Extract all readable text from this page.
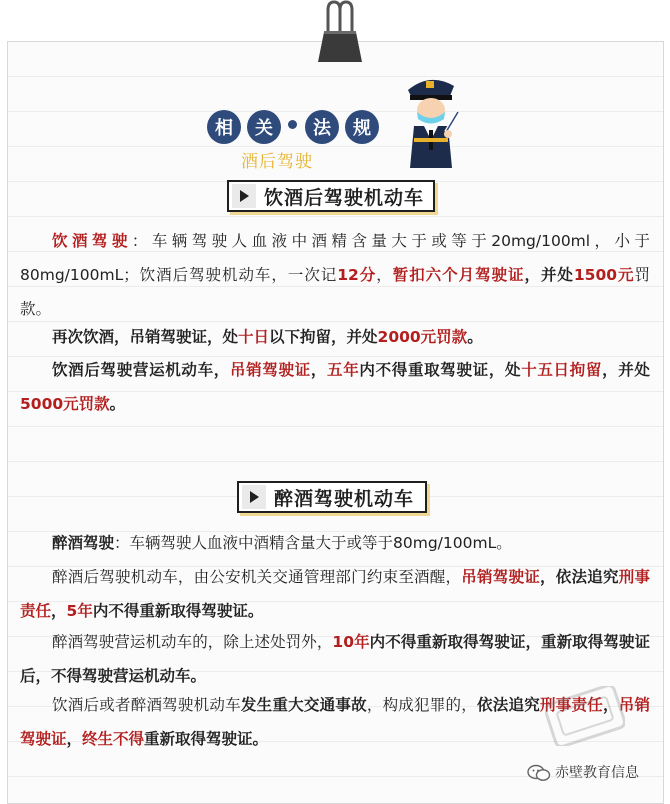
相	关	法	规
酒后驾驶
饮酒后驾驶机动车

饮酒驾驶：车辆驾驶人血液中酒精含量大于或等于20mg/100ml，小于80mg/100mL；饮酒后驾驶机动车，一次记12分，暂扣六个月驾驶证，并处1500元罚款。

再次饮酒，吊销驾驶证，处十日以下拘留，并处2000元罚款。

饮酒后驾驶营运机动车，吊销驾驶证，五年内不得重取驾驶证，处十五日拘留，并处5000元罚款。

醉酒驾驶机动车

醉酒驾驶：车辆驾驶人血液中酒精含量大于或等于80mg/100mL。

醉酒后驾驶机动车，由公安机关交通管理部门约束至酒醒，吊销驾驶证，依法追究刑事责任，5年内不得重新取得驾驶证。

醉酒驾驶营运机动车的，除上述处罚外，10年内不得重新取得驾驶证，重新取得驾驶证后，不得驾驶营运机动车。

饮酒后或者醉酒驾驶机动车发生重大交通事故，构成犯罪的，依法追究刑事责任，吊销驾驶证，终生不得重新取得驾驶证。

赤壁教育信息
